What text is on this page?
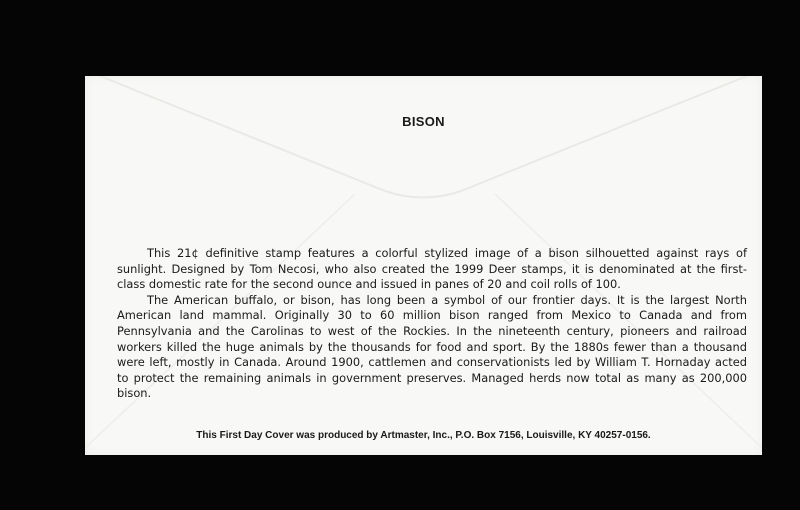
BISON

This 21¢ definitive stamp features a colorful stylized image of a bison silhouetted against rays of sunlight. Designed by Tom Necosi, who also created the 1999 Deer stamps, it is denominated at the first-class domestic rate for the second ounce and issued in panes of 20 and coil rolls of 100.

The American buffalo, or bison, has long been a symbol of our frontier days. It is the largest North American land mammal. Originally 30 to 60 million bison ranged from Mexico to Canada and from Pennsylvania and the Carolinas to west of the Rockies. In the nineteenth century, pioneers and railroad workers killed the huge animals by the thousands for food and sport. By the 1880s fewer than a thousand were left, mostly in Canada. Around 1900, cattlemen and conservationists led by William T. Hornaday acted to protect the remaining animals in government preserves. Managed herds now total as many as 200,000 bison.

This First Day Cover was produced by Artmaster, Inc., P.O. Box 7156, Louisville, KY 40257-0156.
